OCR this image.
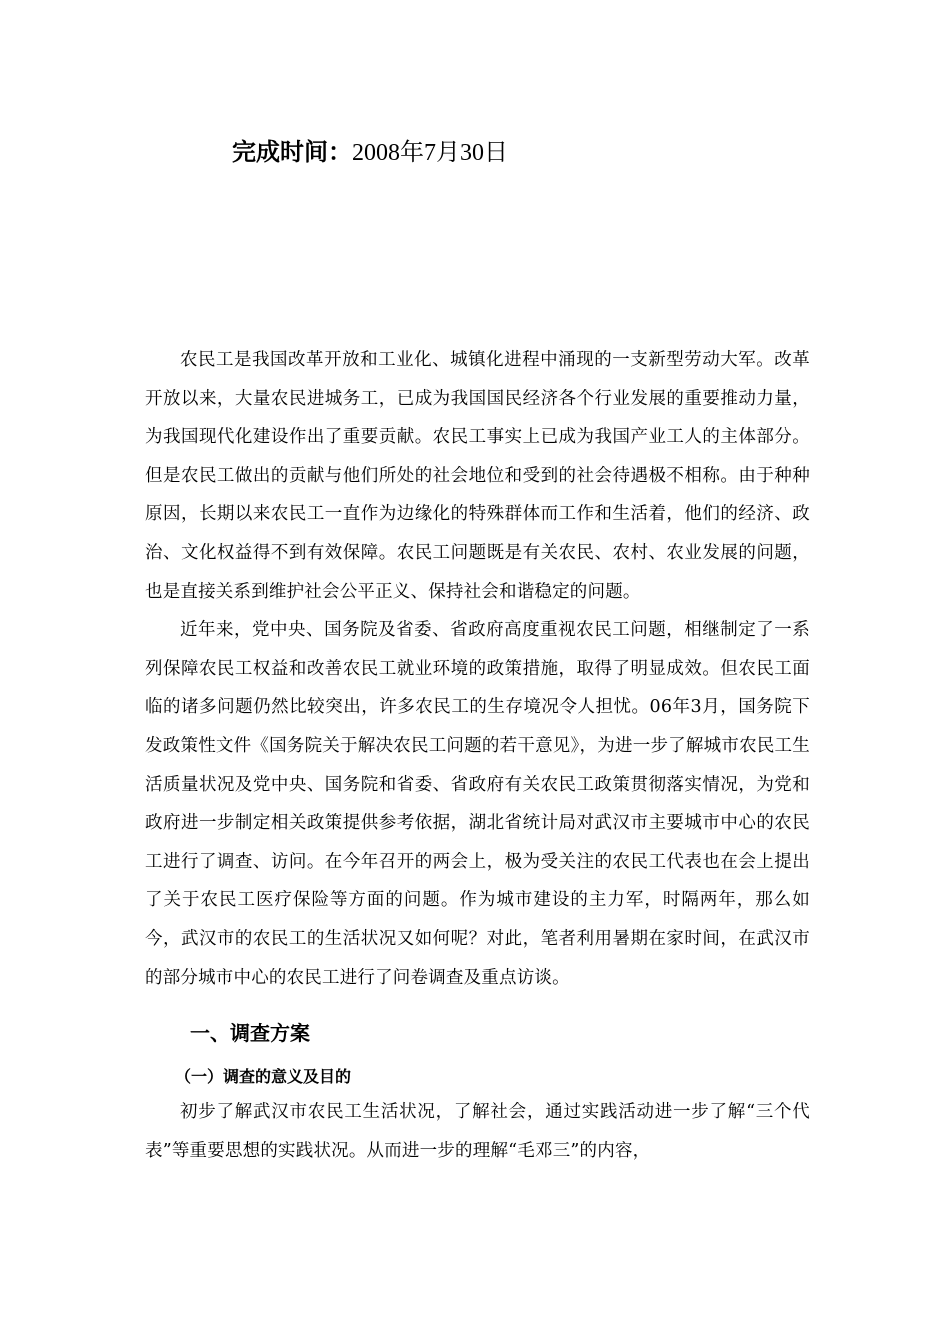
完成时间：2008年7月30日

农民工是我国改革开放和工业化、城镇化进程中涌现的一支新型劳动大军。改革开放以来，大量农民进城务工，已成为我国国民经济各个行业发展的重要推动力量，为我国现代化建设作出了重要贡献。农民工事实上已成为我国产业工人的主体部分。但是农民工做出的贡献与他们所处的社会地位和受到的社会待遇极不相称。由于种种原因，长期以来农民工一直作为边缘化的特殊群体而工作和生活着，他们的经济、政治、文化权益得不到有效保障。农民工问题既是有关农民、农村、农业发展的问题，也是直接关系到维护社会公平正义、保持社会和谐稳定的问题。

近年来，党中央、国务院及省委、省政府高度重视农民工问题，相继制定了一系列保障农民工权益和改善农民工就业环境的政策措施，取得了明显成效。但农民工面临的诸多问题仍然比较突出，许多农民工的生存境况令人担忧。06年3月，国务院下发政策性文件《国务院关于解决农民工问题的若干意见》，为进一步了解城市农民工生活质量状况及党中央、国务院和省委、省政府有关农民工政策贯彻落实情况，为党和政府进一步制定相关政策提供参考依据，湖北省统计局对武汉市主要城市中心的农民工进行了调查、访问。在今年召开的两会上，极为受关注的农民工代表也在会上提出了关于农民工医疗保险等方面的问题。作为城市建设的主力军，时隔两年，那么如今，武汉市的农民工的生活状况又如何呢？对此，笔者利用暑期在家时间，在武汉市的部分城市中心的农民工进行了问卷调查及重点访谈。

一、调查方案
（一）调查的意义及目的

初步了解武汉市农民工生活状况，了解社会，通过实践活动进一步了解“三个代表”等重要思想的实践状况。从而进一步的理解“毛邓三”的内容，
